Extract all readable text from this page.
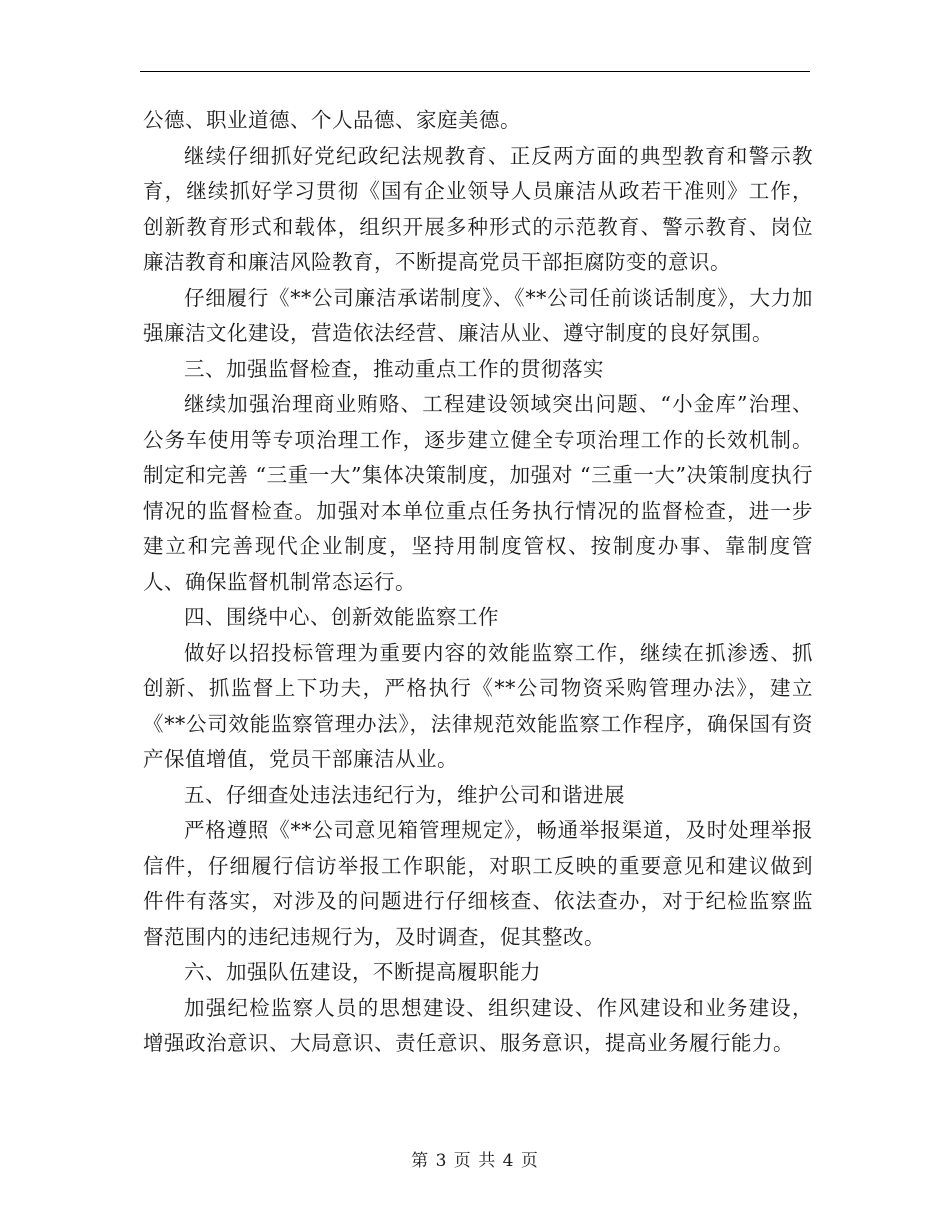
公德、职业道德、个人品德、家庭美德。

继续仔细抓好党纪政纪法规教育、正反两方面的典型教育和警示教育，继续抓好学习贯彻《国有企业领导人员廉洁从政若干准则》工作，创新教育形式和载体，组织开展多种形式的示范教育、警示教育、岗位廉洁教育和廉洁风险教育，不断提高党员干部拒腐防变的意识。

仔细履行《**公司廉洁承诺制度》、《**公司任前谈话制度》，大力加强廉洁文化建设，营造依法经营、廉洁从业、遵守制度的良好氛围。

三、加强监督检查，推动重点工作的贯彻落实

继续加强治理商业贿赂、工程建设领域突出问题、“小金库”治理、公务车使用等专项治理工作，逐步建立健全专项治理工作的长效机制。制定和完善 “三重一大”集体决策制度，加强对 “三重一大”决策制度执行情况的监督检查。加强对本单位重点任务执行情况的监督检查，进一步建立和完善现代企业制度，坚持用制度管权、按制度办事、靠制度管人、确保监督机制常态运行。

四、围绕中心、创新效能监察工作

做好以招投标管理为重要内容的效能监察工作，继续在抓渗透、抓创新、抓监督上下功夫，严格执行《**公司物资采购管理办法》，建立《**公司效能监察管理办法》，法律规范效能监察工作程序，确保国有资产保值增值，党员干部廉洁从业。

五、仔细查处违法违纪行为，维护公司和谐进展

严格遵照《**公司意见箱管理规定》，畅通举报渠道，及时处理举报信件，仔细履行信访举报工作职能，对职工反映的重要意见和建议做到件件有落实，对涉及的问题进行仔细核查、依法查办，对于纪检监察监督范围内的违纪违规行为，及时调查，促其整改。

六、加强队伍建设，不断提高履职能力

加强纪检监察人员的思想建设、组织建设、作风建设和业务建设，增强政治意识、大局意识、责任意识、服务意识，提高业务履行能力。

第 3 页 共 4 页
